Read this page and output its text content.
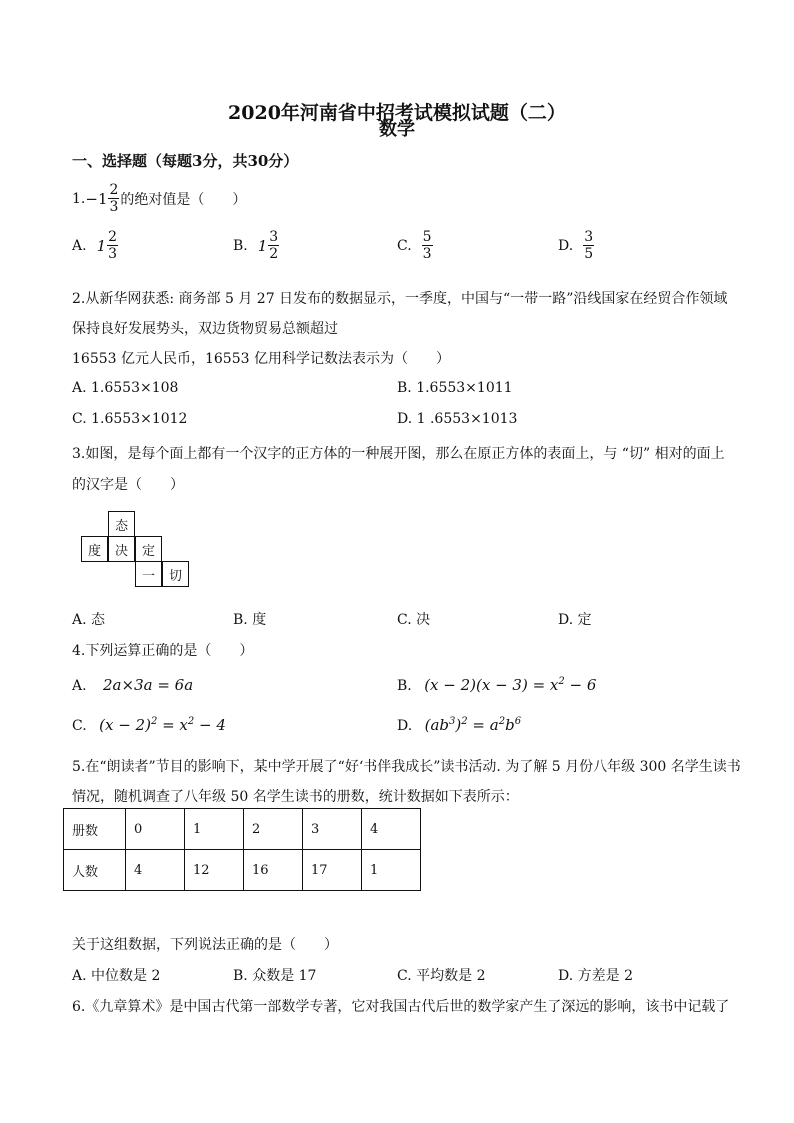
2020年河南省中招考试模拟试题（二）
数学
一、选择题（每题3分，共30分）
1. − $1 \frac{2}{3}$ 的绝对值是（　　）
A. $1 \frac{2}{3}$	B. $1 \frac{3}{2}$	C. $\frac{5}{3}$	D. $\frac{3}{5}$
2.从新华网获悉: 商务部 5 月 27 日发布的数据显示，一季度，中国与“一带一路”沿线国家在经贸合作领域
保持良好发展势头，双边货物贸易总额超过
16553 亿元人民币，16553 亿用科学记数法表示为（　　）
A. 1.6553×108	B. 1.6553×1011
C. 1.6553×1012	D. 1 .6553×1013
3.如图，是每个面上都有一个汉字的正方体的一种展开图，那么在原正方体的表面上，与 “切” 相对的面上
的汉字是（　　）
态
度	决	定
一	切
A. 态	B. 度	C. 决	D. 定
4.下列运算正确的是（　　）
A. 2a×3a = 6a	B. $(x - 2)(x - 3) = x^2 - 6$
C. $(x - 2)^2 = x^2 - 4$	D. $(ab^3)^2 = a^2b^6$
5.在“朗读者”节目的影响下，某中学开展了“好‘书伴我成长”读书活动. 为了解 5 月份八年级 300 名学生读书
情况，随机调查了八年级 50 名学生读书的册数，统计数据如下表所示：
册数	0	1	2	3	4
人数	4	12	16	17	1
关于这组数据，下列说法正确的是（　　）
A. 中位数是 2	B. 众数是 17	C. 平均数是 2	D. 方差是 2
6.《九章算术》是中国古代第一部数学专著，它对我国古代后世的数学家产生了深远的影响，该书中记载了
